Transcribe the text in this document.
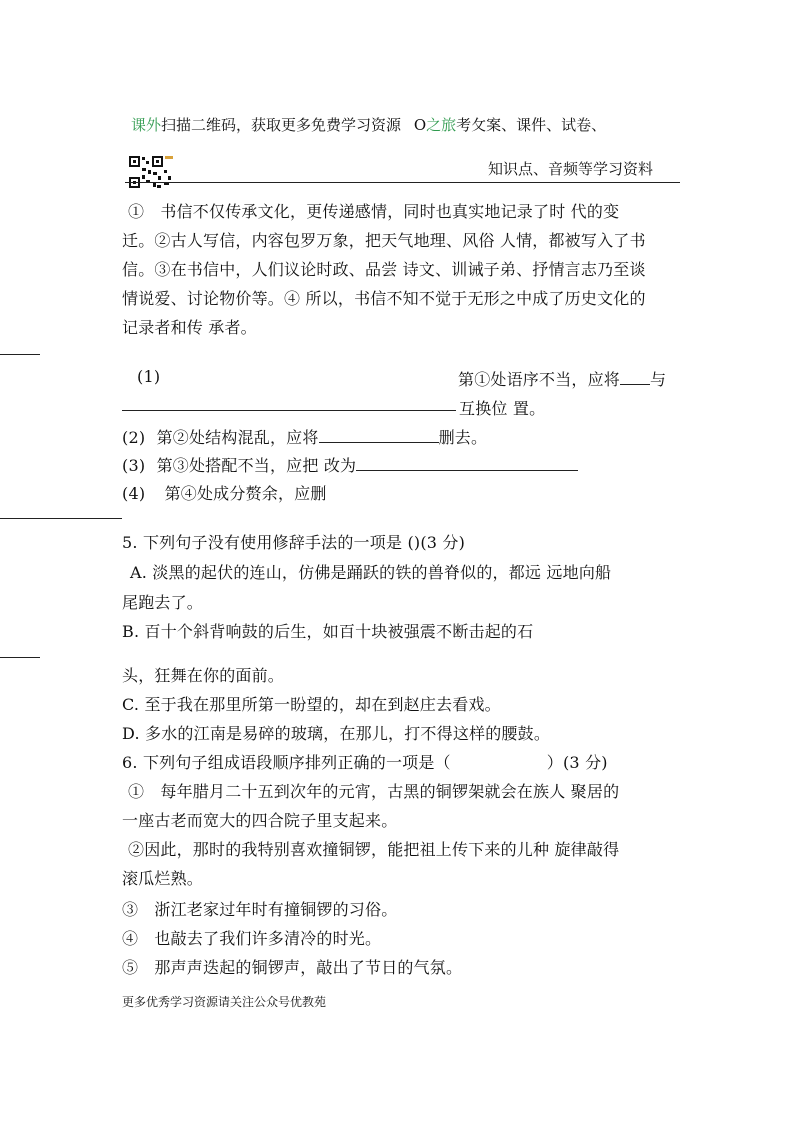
课外扫描二维码，获取更多免费学习资源 O之旅考攵案、课件、试卷、
知识点、音频等学习资料
①　书信不仅传承文化，更传递感情，同时也真实地记录了时 代的变
迁。②古人写信，内容包罗万象，把天气地理、风俗 人情，都被写入了书
信。③在书信中，人们议论时政、品尝 诗文、训诫子弟、抒情言志乃至谈
情说爱、讨论物价等。④ 所以，书信不知不觉于无形之中成了历史文化的
记录者和传 承者。
(1)	第①处语序不当，应将 与
互换位 置。
(2) 第②处结构混乱，应将	删去。
(3) 第③处搭配不当，应把 改为
(4) 第④处成分赘余，应删
5. 下列句子没有使用修辞手法的一项是 ()(3 分)
A. 淡黑的起伏的连山，仿佛是踊跃的铁的兽脊似的，都远 远地向船
尾跑去了。
B. 百十个斜背响鼓的后生，如百十块被强震不断击起的石
头，狂舞在你的面前。
C. 至于我在那里所第一盼望的，却在到赵庄去看戏。
D. 多水的江南是易碎的玻璃，在那儿，打不得这样的腰鼓。
6. 下列句子组成语段顺序排列正确的一项是（	）(3 分)
①　每年腊月二十五到次年的元宵，古黑的铜锣架就会在族人 聚居的
一座古老而宽大的四合院子里支起来。
②因此，那时的我特别喜欢撞铜锣，能把祖上传下来的儿种 旋律敲得
滚瓜烂熟。
③　浙江老家过年时有撞铜锣的习俗。
④　也敲去了我们许多清冷的时光。
⑤　那声声迭起的铜锣声，敲出了节日的气氛。
更多优秀学习资源请关注公众号优教苑
